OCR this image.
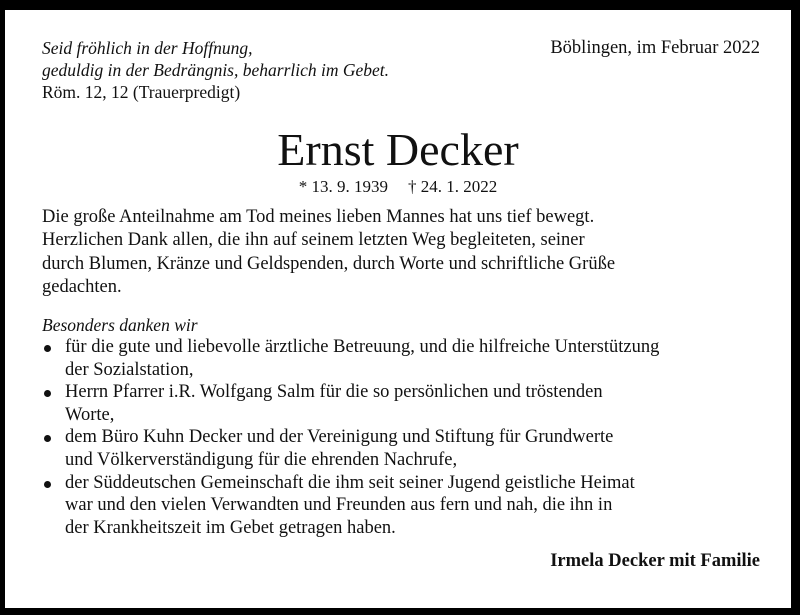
Seid fröhlich in der Hoffnung,
geduldig in der Bedrängnis, beharrlich im Gebet.
Röm. 12, 12 (Trauerpredigt)
Böblingen, im Februar 2022
Ernst Decker
* 13. 9. 1939 † 24. 1. 2022
Die große Anteilnahme am Tod meines lieben Mannes hat uns tief bewegt.
Herzlichen Dank allen, die ihn auf seinem letzten Weg begleiteten, seiner
durch Blumen, Kränze und Geldspenden, durch Worte und schriftliche Grüße
gedachten.
Besonders danken wir
für die gute und liebevolle ärztliche Betreuung, und die hilfreiche Unterstützung
der Sozialstation,
Herrn Pfarrer i.R. Wolfgang Salm für die so persönlichen und tröstenden
Worte,
dem Büro Kuhn Decker und der Vereinigung und Stiftung für Grundwerte
und Völkerverständigung für die ehrenden Nachrufe,
der Süddeutschen Gemeinschaft die ihm seit seiner Jugend geistliche Heimat
war und den vielen Verwandten und Freunden aus fern und nah, die ihn in
der Krankheitszeit im Gebet getragen haben.
Irmela Decker mit Familie
